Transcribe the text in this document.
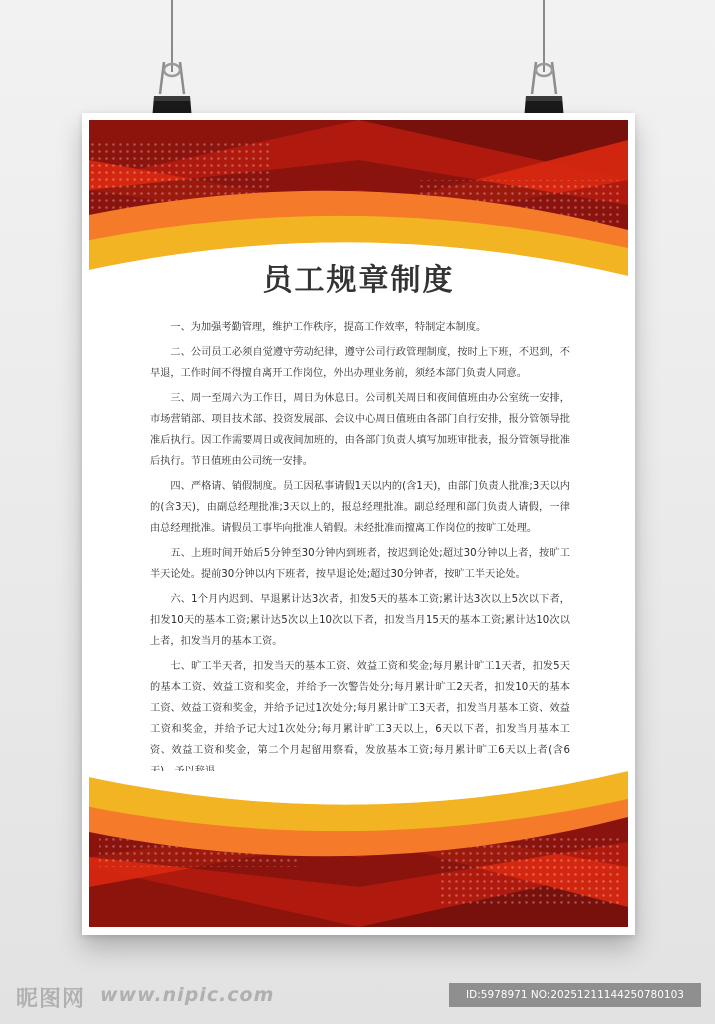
员工规章制度

一、为加强考勤管理，维护工作秩序，提高工作效率，特制定本制度。

二、公司员工必须自觉遵守劳动纪律，遵守公司行政管理制度，按时上下班，不迟到，不早退，工作时间不得擅自离开工作岗位，外出办理业务前，须经本部门负责人同意。

三、周一至周六为工作日，周日为休息日。公司机关周日和夜间值班由办公室统一安排，市场营销部、项目技术部、投资发展部、会议中心周日值班由各部门自行安排，报分管领导批准后执行。因工作需要周日或夜间加班的，由各部门负责人填写加班审批表，报分管领导批准后执行。节日值班由公司统一安排。

四、严格请、销假制度。员工因私事请假1天以内的(含1天)，由部门负责人批准;3天以内的(含3天)，由副总经理批准;3天以上的，报总经理批准。副总经理和部门负责人请假，一律由总经理批准。请假员工事毕向批准人销假。未经批准而擅离工作岗位的按旷工处理。

五、上班时间开始后5分钟至30分钟内到班者，按迟到论处;超过30分钟以上者，按旷工半天论处。提前30分钟以内下班者，按早退论处;超过30分钟者，按旷工半天论处。

六、1个月内迟到、早退累计达3次者，扣发5天的基本工资;累计达3次以上5次以下者，扣发10天的基本工资;累计达5次以上10次以下者，扣发当月15天的基本工资;累计达10次以上者，扣发当月的基本工资。

七、旷工半天者，扣发当天的基本工资、效益工资和奖金;每月累计旷工1天者，扣发5天的基本工资、效益工资和奖金，并给予一次警告处分;每月累计旷工2天者，扣发10天的基本工资、效益工资和奖金，并给予记过1次处分;每月累计旷工3天者，扣发当月基本工资、效益工资和奖金，并给予记大过1次处分;每月累计旷工3天以上，6天以下者，扣发当月基本工资、效益工资和奖金，第二个月起留用察看，发放基本工资;每月累计旷工6天以上者(含6

昵图网 www.nipic.com	ID:5978971 NO:20251211144250780103
